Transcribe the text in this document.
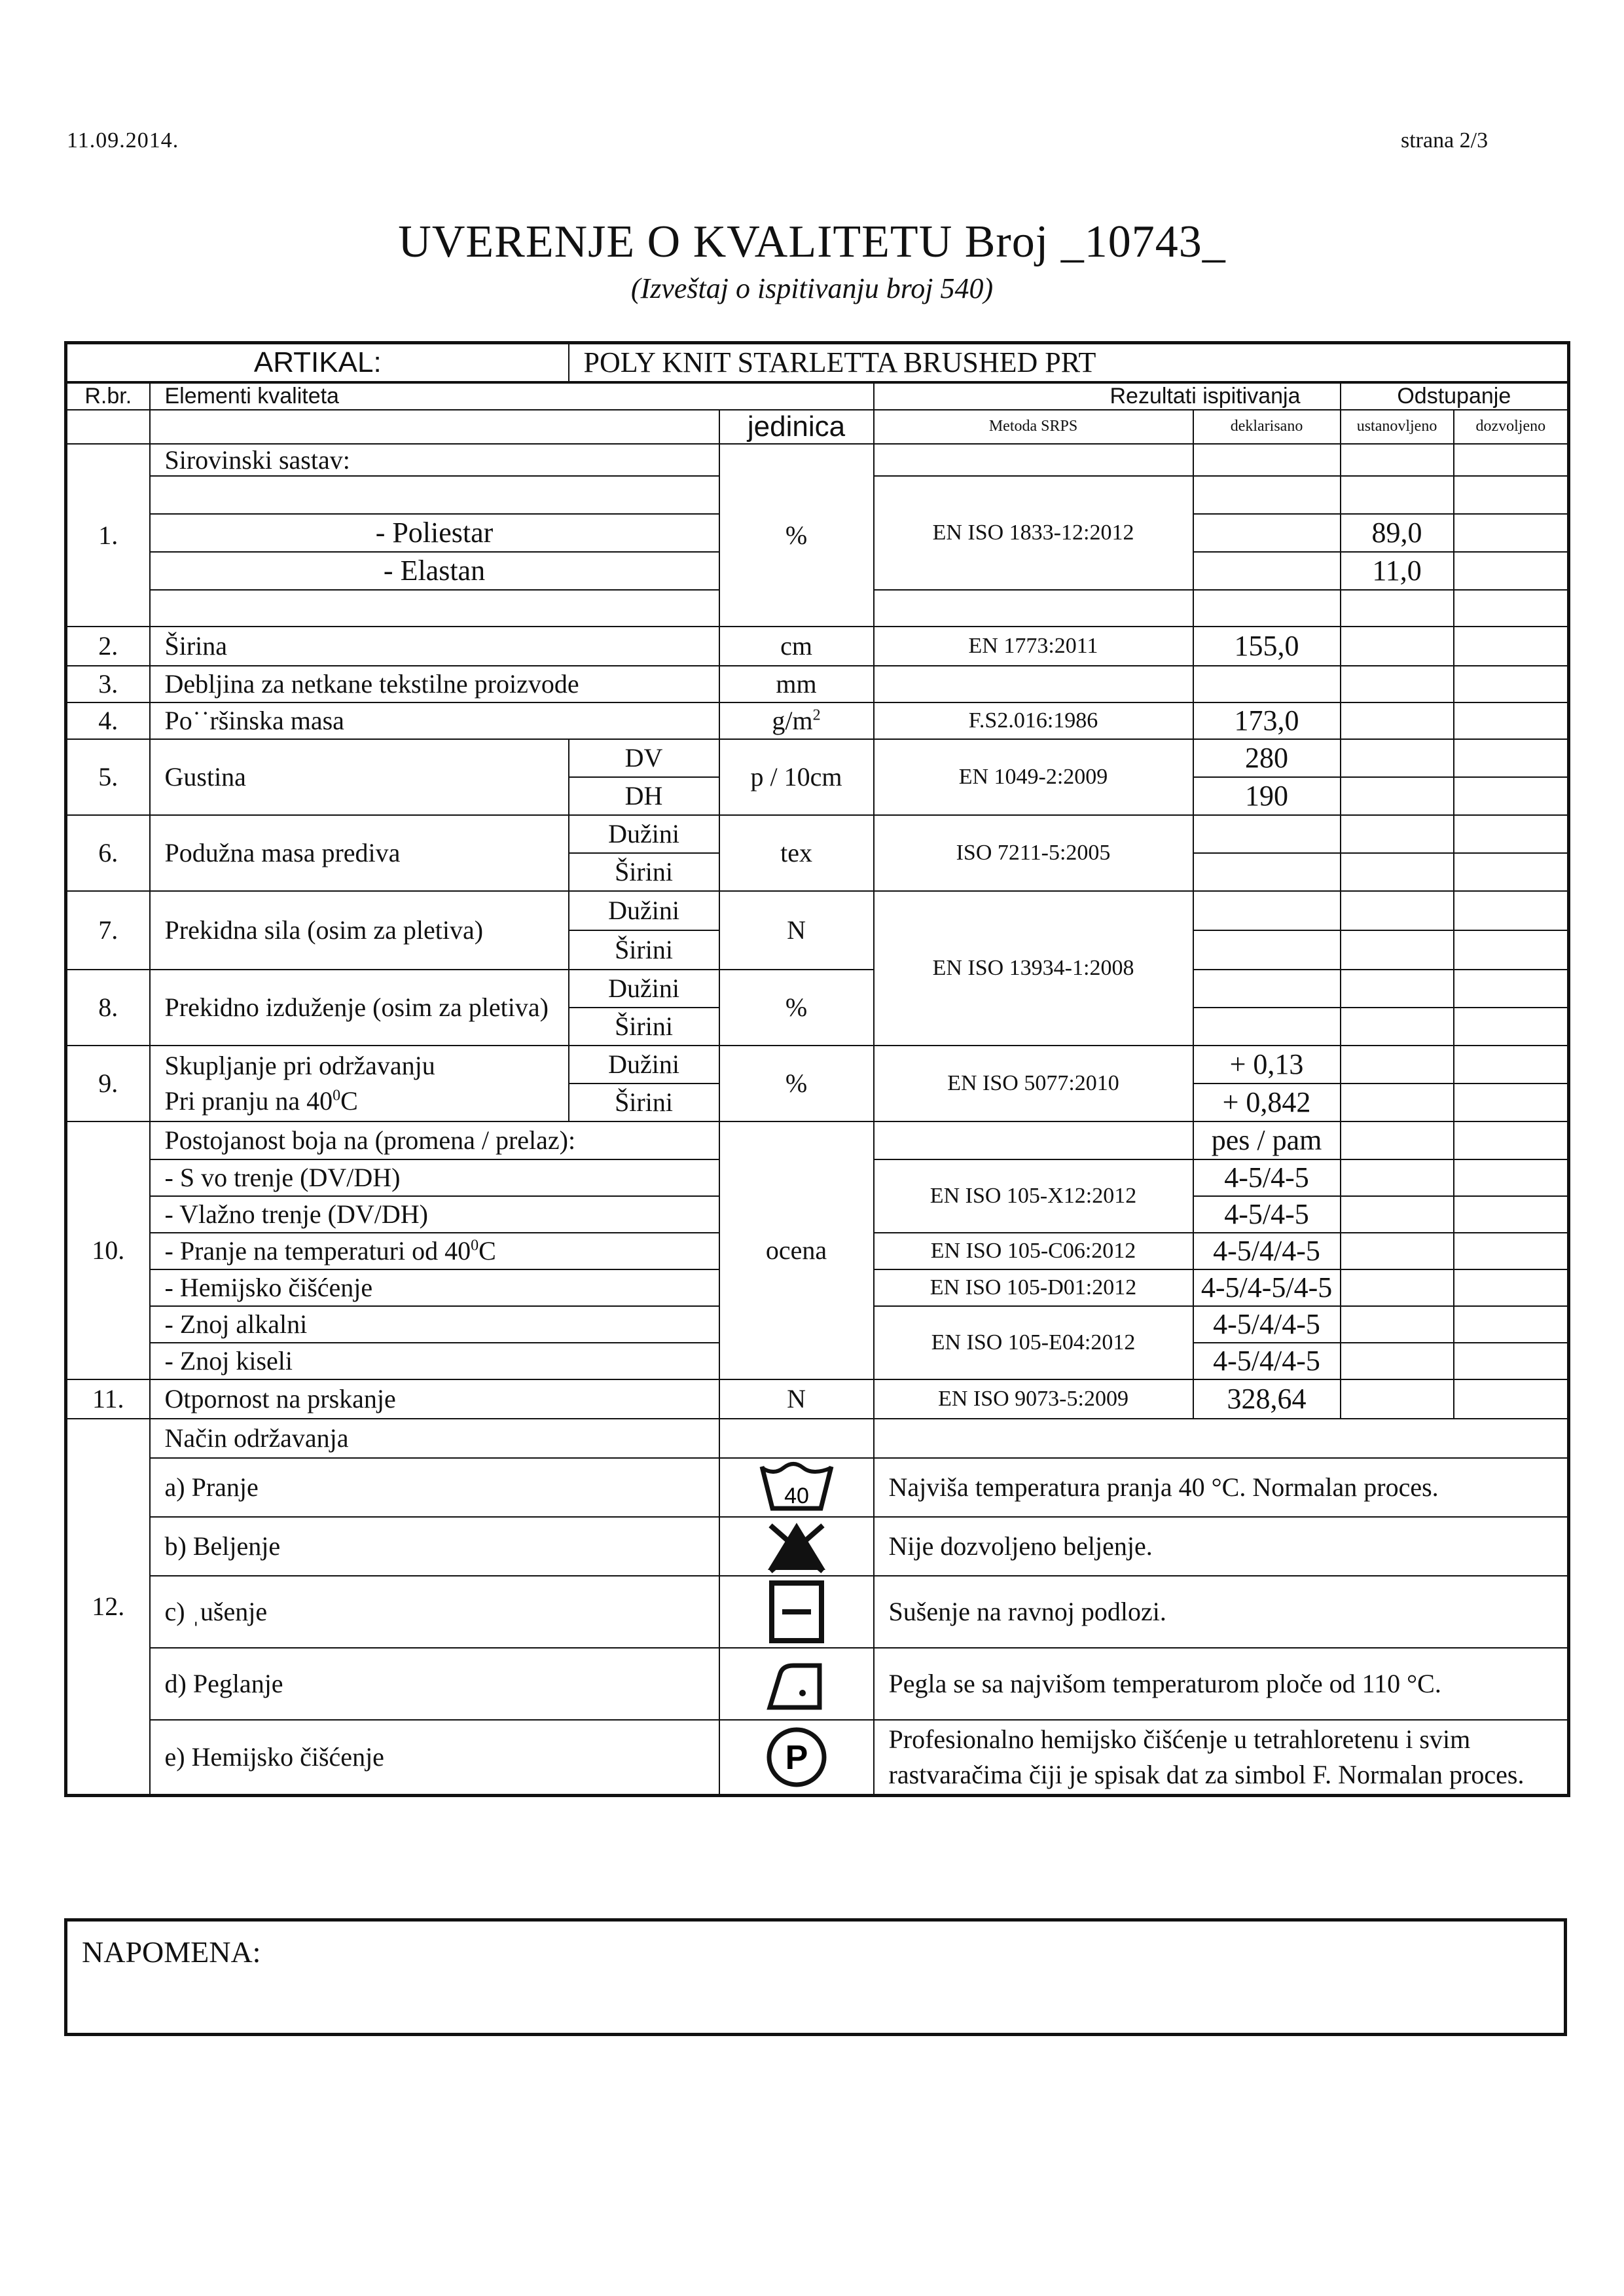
11.09.2014.	strana 2/3
UVERENJE O KVALITETU Broj _10743_
(Izveštaj o ispitivanju broj 540)
ARTIKAL:		POLY KNIT STARLETTA BRUSHED PRT					
R.br.	Elementi kvaliteta			Rezultati ispitivanja		Odstupanje	
			jedinica	Metoda SRPS	deklarisano	ustanovljeno	dozvoljeno
1.	Sirovinski sastav:		%				
				EN ISO 1833-12:2012			
	- Poliestar					89,0	
	- Elastan					11,0	

2.	Širina		cm	EN 1773:2011	155,0		
3.	Debljina za netkane tekstilne proizvode		mm				
4.	Po˙˙ršinska masa		$g/m^2$	F.S2.016:1986	173,0		
5.	Gustina	DV	p / 10cm	EN 1049-2:2009	280		
		DH			190		
6.	Podužna masa prediva	Dužini	tex	ISO 7211-5:2005			
		Širini					
7.	Prekidna sila (osim za pletiva)	Dužini	N	EN ISO 13934-1:2008			
		Širini					
8.	Prekidno izduženje (osim za pletiva)	Dužini	%				
		Širini					
9.	Skupljanje pri održavanju
Pri pranju na $40^0C$	Dužini	%	EN ISO 5077:2010	+ 0,13		
		Širini			+ 0,842		
10.	Postojanost boja na (promena / prelaz):		ocena		pes / pam		
	- S vo trenje (DV/DH)			EN ISO 105-X12:2012	4-5/4-5		
	- Vlažno trenje (DV/DH)				4-5/4-5		
	- Pranje na temperaturi od $40^0C$			EN ISO 105-C06:2012	4-5/4/4-5		
	- Hemijsko čišćenje			EN ISO 105-D01:2012	4-5/4-5/4-5		
	- Znoj alkalni			EN ISO 105-E04:2012	4-5/4/4-5		
	- Znoj kiseli				4-5/4/4-5		
11.	Otpornost na prskanje		N	EN ISO 9073-5:2009	328,64		
12.	Način održavanja						
	a) Pranje		40	Najviša temperatura pranja 40 °C. Normalan proces.			
	b) Beljenje			Nije dozvoljeno beljenje.			
	c) ˌušenje			Sušenje na ravnoj podlozi.			
	d) Peglanje			Pegla se sa najvišom temperaturom ploče od 110 °C.			
	e) Hemijsko čišćenje		P	Profesionalno hemijsko čišćenje u tetrahloretenu i svim
rastvaračima čiji je spisak dat za simbol F. Normalan proces.			
NAPOMENA:
